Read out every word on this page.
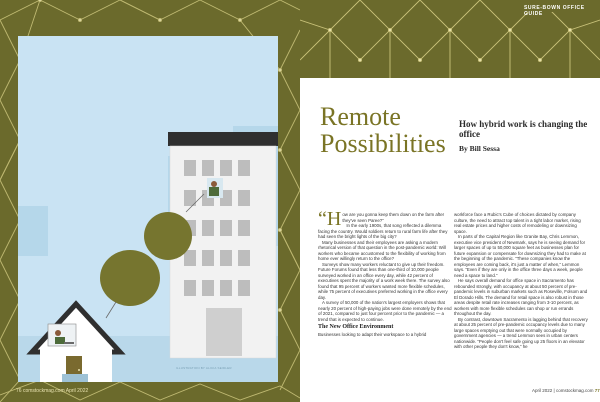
ILLUSTRATION BY ALICIA SEIDLER
76 comstockmag.com April 2022
SURE-BOWN OFFICE GUIDE
Remote
Possibilities
How hybrid work is changing the office
By Bill Sessa

“How are you gonna keep them down on the farm after they've seen Paree?”

In the early 1900s, that song reflected a dilemma facing the country. Would soldiers return to rural farm life after they had seen the bright lights of the big city?

Many businesses and their employees are asking a modern rhetorical version of that question in the post-pandemic world: Will workers who became accustomed to the flexibility of working from home ever willingly return to the office?

Surveys show many workers reluctant to give up their freedom. Future Forums found that less than one-third of 10,000 people surveyed worked in an office every day, while 42 percent of executives spent the majority of a work week there. The survey also found that 95 percent of workers wanted more flexible schedules, while 75 percent of executives preferred working in the office every day.

A survey of 50,000 of the nation's largest employers shows that nearly 20 percent of high-paying jobs were done remotely by the end of 2021, compared to just four percent prior to the pandemic — a trend that is expected to continue.

The New Office Environment

Businesses looking to adapt their workspace to a hybrid

workforce face a Rubic's Cube of choices dictated by company culture, the need to attract top talent in a tight labor market, rising real estate prices and higher costs of remodeling or downsizing space.

In parts of the Capital Region like Granite Bay, Chris Lemmon, executive vice president of Newmark, says he is seeing demand for larger spaces of up to 50,000 square feet as businesses plan for future expansion or compensate for downsizing they had to make at the beginning of the pandemic. “These companies know the employees are coming back, it's just a matter of when,” Lemmon says. “Even if they are only in the office three days a week, people need a space to land.”

He says overall demand for office space in Sacramento has rebounded strongly, with occupancy at about 50 percent of pre-pandemic levels in suburban markets such as Roseville, Folsom and El Dorado Hills. The demand for retail space is also robust in those areas despite retail rate increases ranging from 3-10 percent, as workers with more flexible schedules can shop or run errands throughout the day.

By contrast, downtown Sacramento is lagging behind that recovery at about 25 percent of pre-pandemic occupancy levels due to many large spaces emptying out that were normally occupied by government agencies — a trend Lemmon sees in urban centers nationwide. “People don't feel safe going up 25 floors in an elevator with other people they don't know,” he

April 2022 | comstockmag.com 77
